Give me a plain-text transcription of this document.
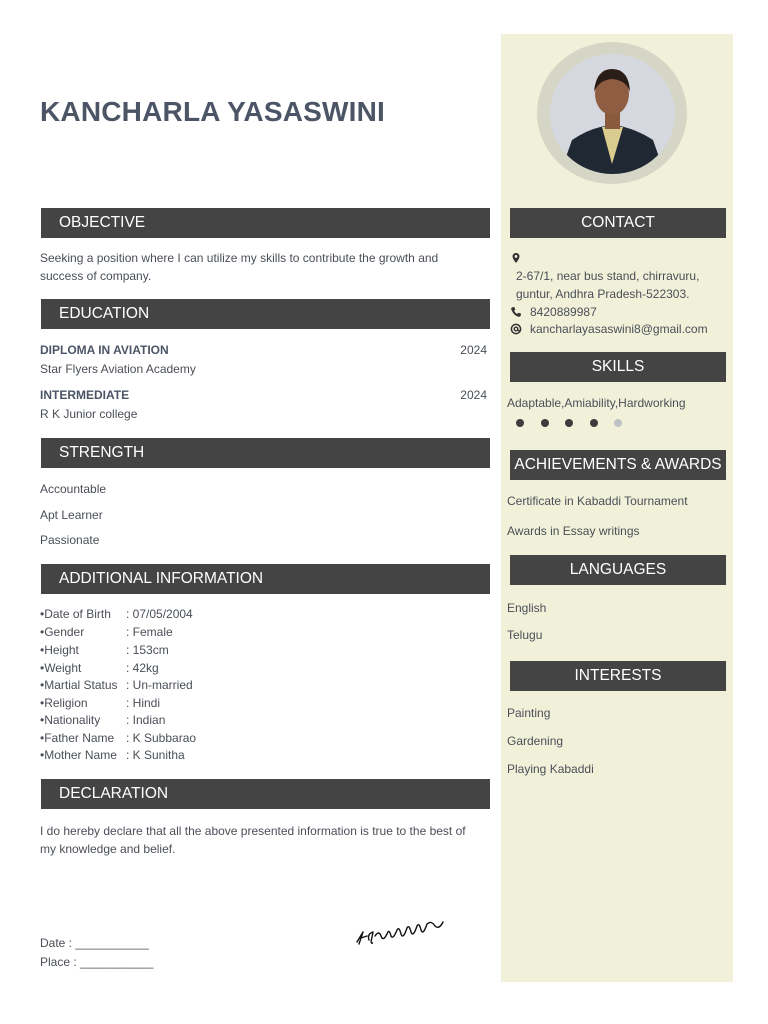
KANCHARLA YASASWINI
OBJECTIVE
Seeking a position where I can utilize my skills to contribute the growth and
success of company.
EDUCATION
DIPLOMA IN AVIATION	2024
Star Flyers Aviation Academy
INTERMEDIATE	2024
R K Junior college
STRENGTH
Accountable
Apt Learner
Passionate
ADDITIONAL INFORMATION
•Date of Birth : 07/05/2004
•Gender	: Female
•Height	: 153cm
•Weight	: 42kg
•Martial Status : Un-married
•Religion	: Hindi
•Nationality : Indian
•Father Name : K Subbarao
•Mother Name : K Sunitha
DECLARATION
I do hereby declare that all the above presented information is true to the best of
my knowledge and belief.
Date : ___________
Place : ___________
CONTACT
2-67/1, near bus stand, chirravuru,
guntur, Andhra Pradesh-522303.
8420889987
kancharlayasaswini8@gmail.com
SKILLS
Adaptable,Amiability,Hardworking
ACHIEVEMENTS & AWARDS
Certificate in Kabaddi Tournament
Awards in Essay writings
LANGUAGES
English
Telugu
INTERESTS
Painting
Gardening
Playing Kabaddi
